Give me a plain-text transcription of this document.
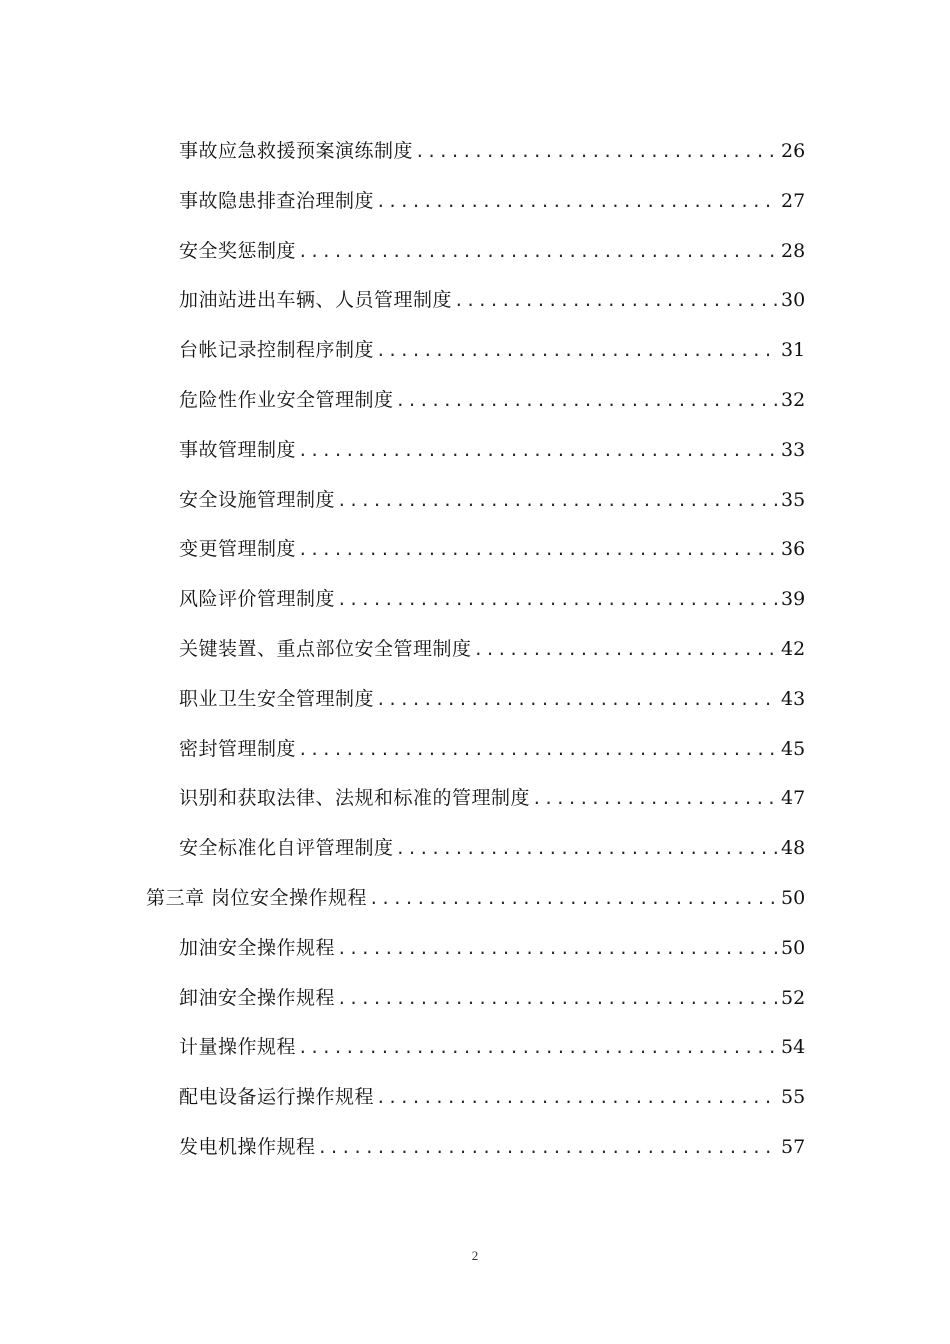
事故应急救援预案演练制度 .....	26
事故隐患排查治理制度 .....	27
安全奖惩制度 .....	28
加油站进出车辆、人员管理制度 .....	30
台帐记录控制程序制度 .....	31
危险性作业安全管理制度 .....	32
事故管理制度 .....	33
安全设施管理制度 .....	35
变更管理制度 .....	36
风险评价管理制度 .....	39
关键装置、重点部位安全管理制度 .....	42
职业卫生安全管理制度 .....	43
密封管理制度 .....	45
识别和获取法律、法规和标准的管理制度 .....	47
安全标准化自评管理制度 .....	48
第三章 岗位安全操作规程 .....	50
加油安全操作规程 .....	50
卸油安全操作规程 .....	52
计量操作规程 .....	54
配电设备运行操作规程 .....	55
发电机操作规程 .....	57
2
